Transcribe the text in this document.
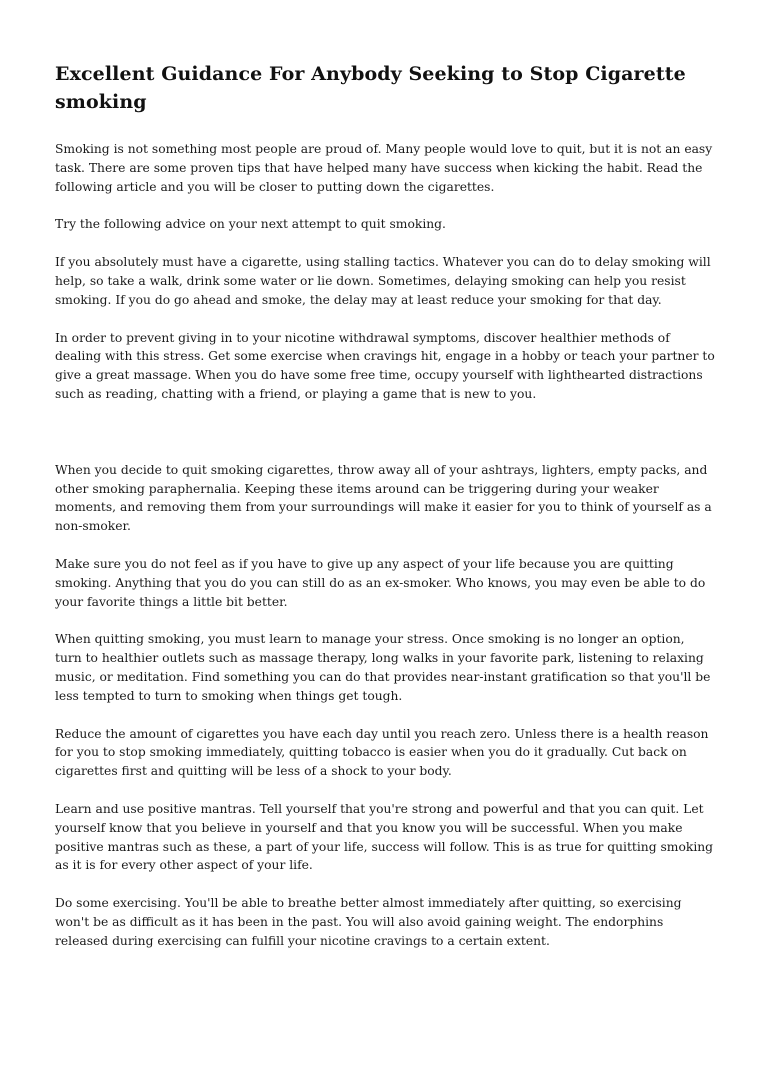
Excellent Guidance For Anybody Seeking to Stop Cigarette smoking

Smoking is not something most people are proud of. Many people would love to quit, but it is not an easy task. There are some proven tips that have helped many have success when kicking the habit. Read the following article and you will be closer to putting down the cigarettes.

Try the following advice on your next attempt to quit smoking.

If you absolutely must have a cigarette, using stalling tactics. Whatever you can do to delay smoking will help, so take a walk, drink some water or lie down. Sometimes, delaying smoking can help you resist smoking. If you do go ahead and smoke, the delay may at least reduce your smoking for that day.

In order to prevent giving in to your nicotine withdrawal symptoms, discover healthier methods of dealing with this stress. Get some exercise when cravings hit, engage in a hobby or teach your partner to give a great massage. When you do have some free time, occupy yourself with lighthearted distractions such as reading, chatting with a friend, or playing a game that is new to you.

When you decide to quit smoking cigarettes, throw away all of your ashtrays, lighters, empty packs, and other smoking paraphernalia. Keeping these items around can be triggering during your weaker moments, and removing them from your surroundings will make it easier for you to think of yourself as a non-smoker.

Make sure you do not feel as if you have to give up any aspect of your life because you are quitting smoking. Anything that you do you can still do as an ex-smoker. Who knows, you may even be able to do your favorite things a little bit better.

When quitting smoking, you must learn to manage your stress. Once smoking is no longer an option, turn to healthier outlets such as massage therapy, long walks in your favorite park, listening to relaxing music, or meditation. Find something you can do that provides near-instant gratification so that you'll be less tempted to turn to smoking when things get tough.

Reduce the amount of cigarettes you have each day until you reach zero. Unless there is a health reason for you to stop smoking immediately, quitting tobacco is easier when you do it gradually. Cut back on cigarettes first and quitting will be less of a shock to your body.

Learn and use positive mantras. Tell yourself that you're strong and powerful and that you can quit. Let yourself know that you believe in yourself and that you know you will be successful. When you make positive mantras such as these, a part of your life, success will follow. This is as true for quitting smoking as it is for every other aspect of your life.

Do some exercising. You'll be able to breathe better almost immediately after quitting, so exercising won't be as difficult as it has been in the past. You will also avoid gaining weight. The endorphins released during exercising can fulfill your nicotine cravings to a certain extent.
